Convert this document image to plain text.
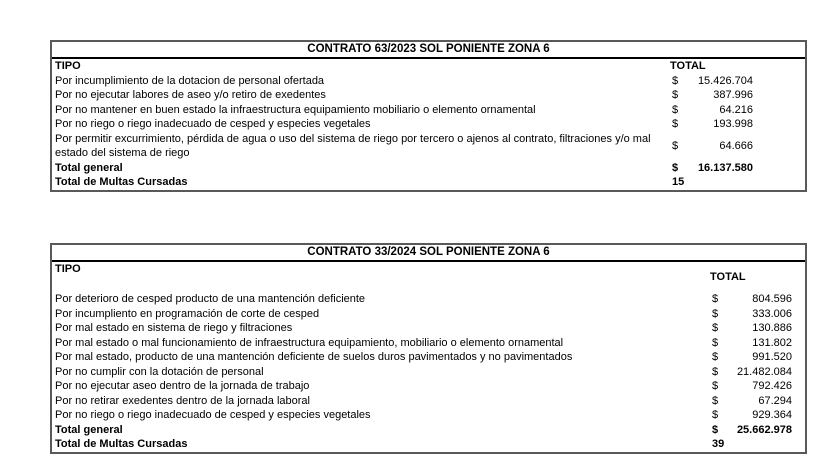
CONTRATO 63/2023 SOL PONIENTE ZONA 6
TIPO	TOTAL
Por incumplimiento de la dotacion de personal ofertada	$ 15.426.704

Por no ejecutar labores de aseo y/o retiro de exedentes	$ 387.996

Por no mantener en buen estado la infraestructura equipamiento mobiliario o elemento ornamental	$ 64.216

Por no riego o riego inadecuado de cesped y especies vegetales	$ 193.998

Por permitir excurrimiento, pérdida de agua o uso del sistema de riego por tercero o ajenos al contrato, filtraciones y/o mal estado del sistema de riego	$ 64.666

Total general	$ 16.137.580

Total de Multas Cursadas	15
CONTRATO 33/2024 SOL PONIENTE ZONA 6
TIPO	TOTAL
Por deterioro de cesped producto de una mantención deficiente	$ 804.596

Por incumpliento en programación de corte de cesped	$ 333.006

Por mal estado en sistema de riego y filtraciones	$ 130.886

Por mal estado o mal funcionamiento de infraestructura equipamiento, mobiliario o elemento ornamental	$ 131.802

Por mal estado, producto de una mantención deficiente de suelos duros pavimentados y no pavimentados	$ 991.520

Por no cumplir con la dotación de personal	$ 21.482.084

Por no ejecutar aseo dentro de la jornada de trabajo	$ 792.426

Por no retirar exedentes dentro de la jornada laboral	$ 67.294

Por no riego o riego inadecuado de cesped y especies vegetales	$ 929.364

Total general	$ 25.662.978

Total de Multas Cursadas	39
